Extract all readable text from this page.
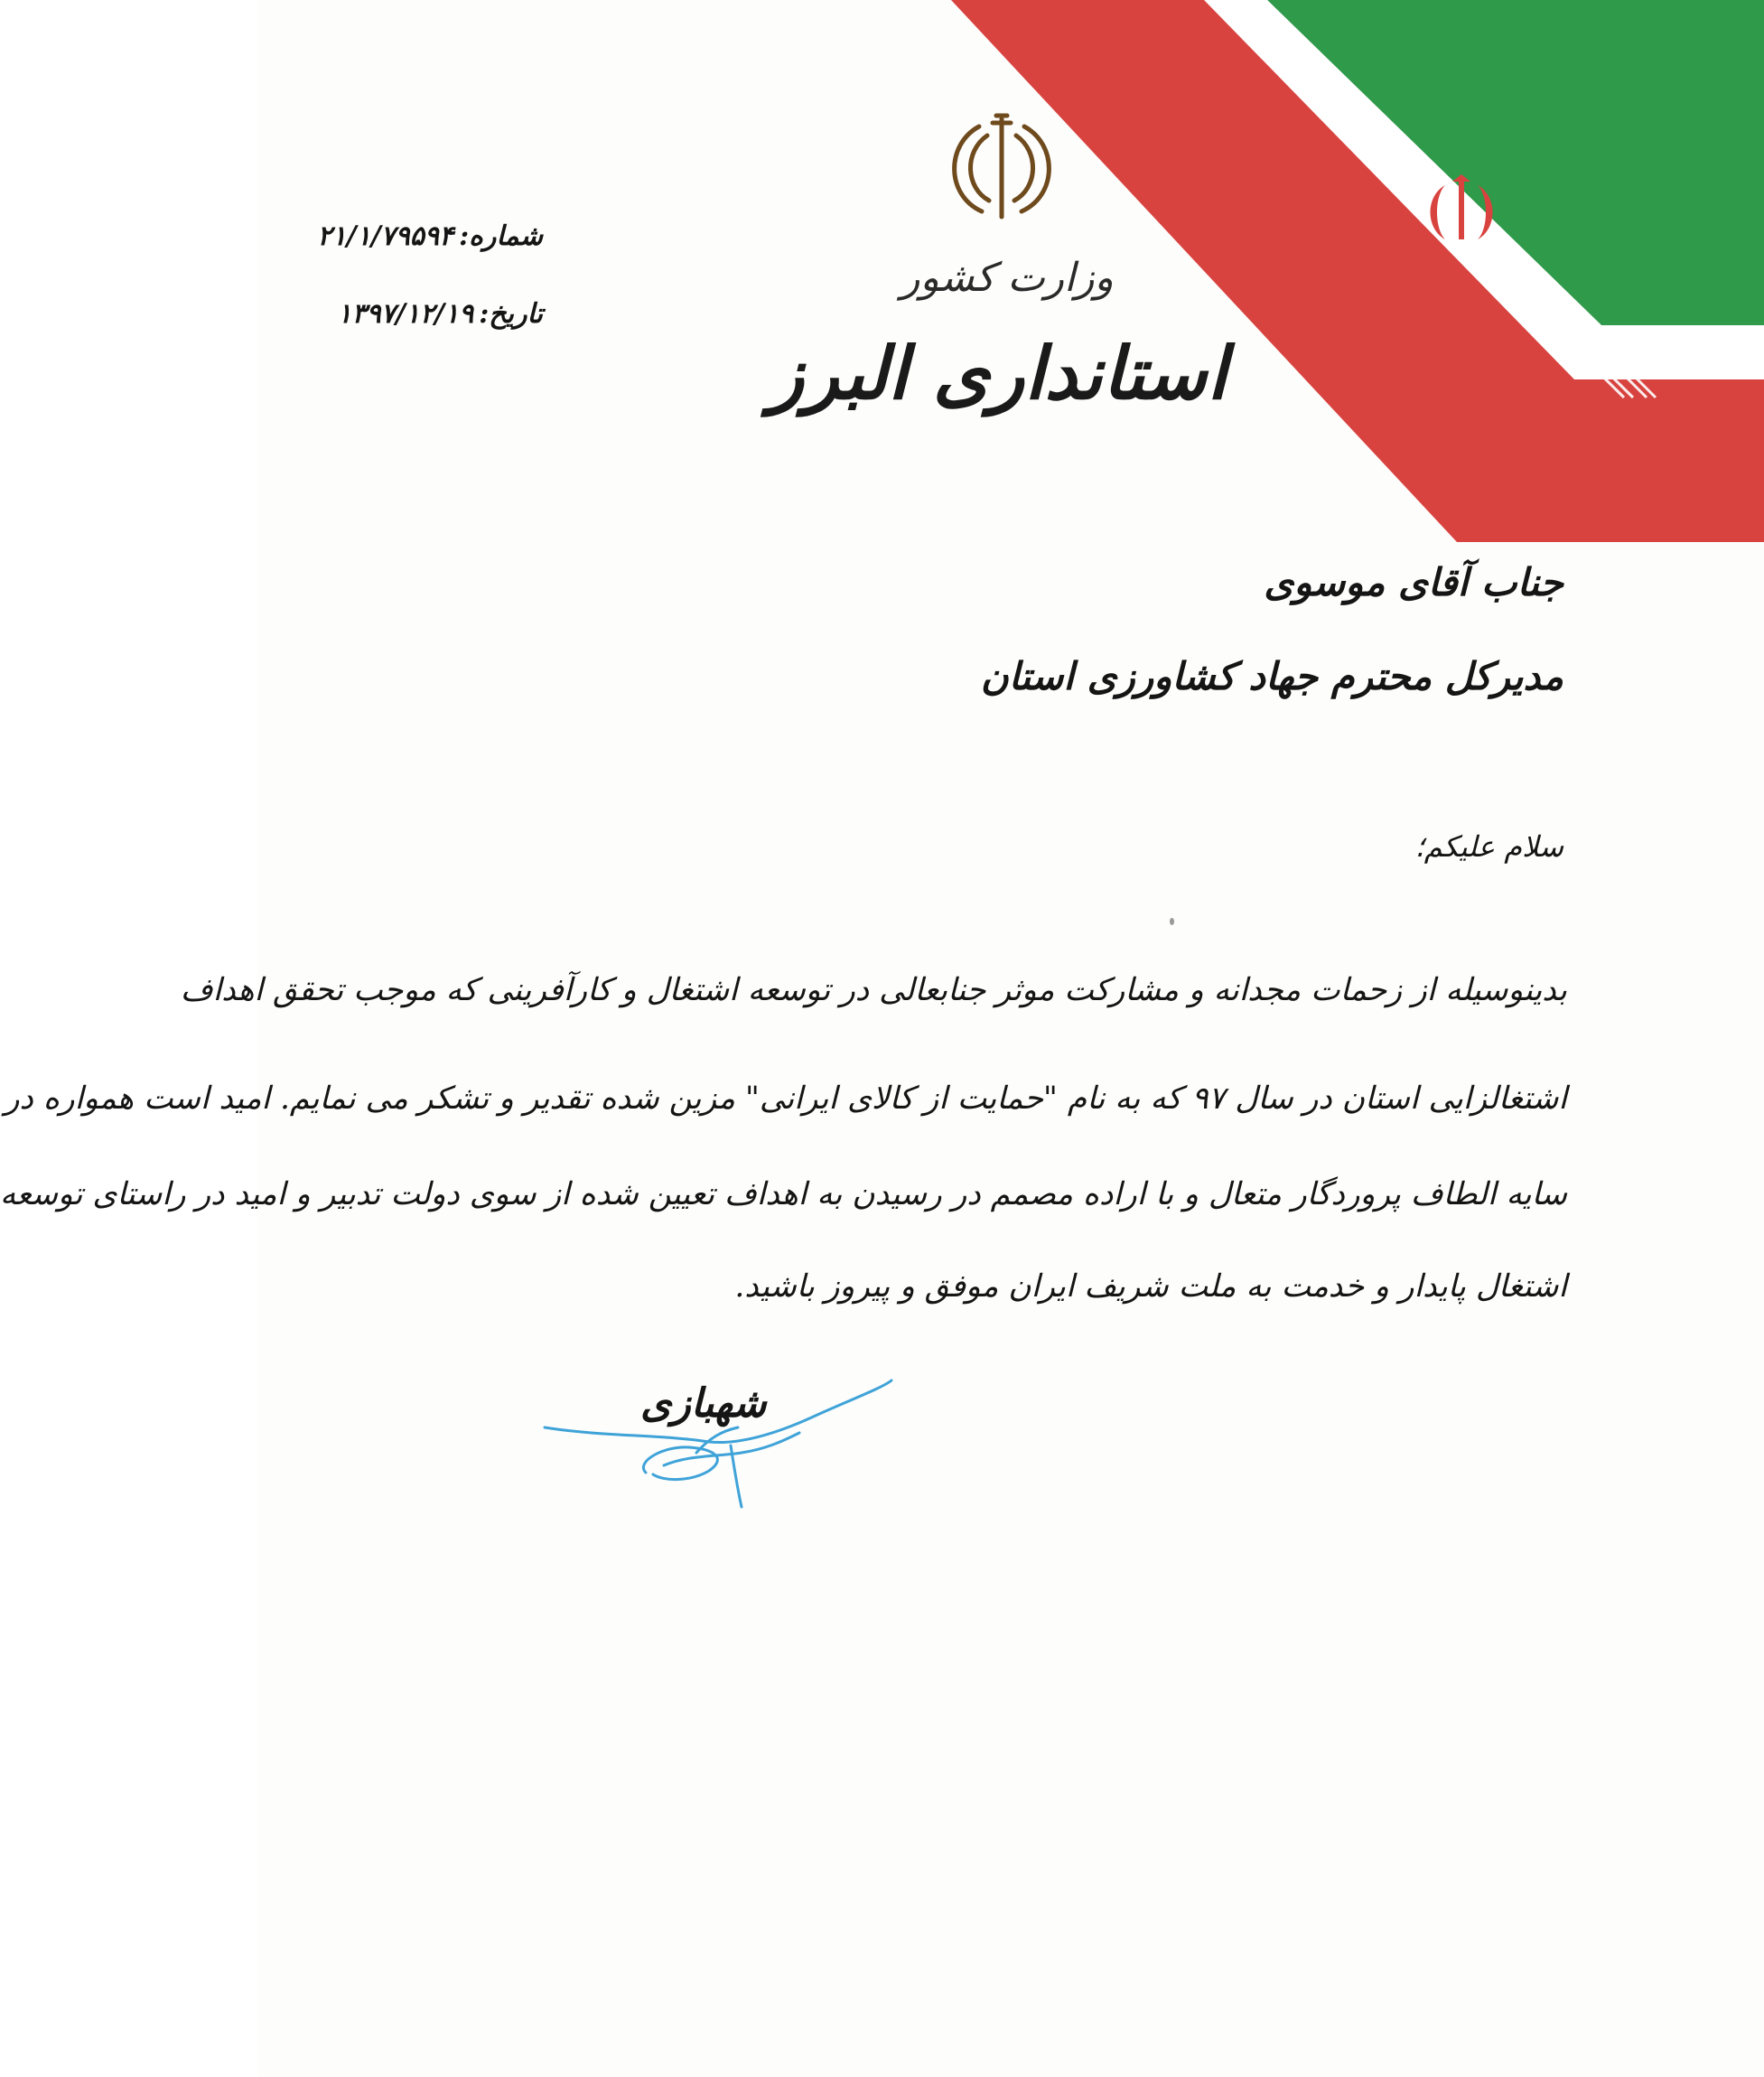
وزارت کشور
استانداری البرز
شماره:
۲۱/۱/۷۹۵۹۴
تاریخ:
۱۳۹۷/۱۲/۱۹
جناب آقای موسوی
مدیرکل محترم جهاد کشاورزی استان
سلام علیکم؛
بدینوسیله از زحمات مجدانه و مشارکت موثر جنابعالی در توسعه اشتغال و کارآفرینی که موجب تحقق اهداف
اشتغالزایی استان در سال ۹۷ که به نام "حمایت از کالای ایرانی" مزین شده تقدیر و تشکر می نمایم. امید است همواره در
سایه الطاف پروردگار متعال و با اراده مصمم در رسیدن به اهداف تعیین شده از سوی دولت تدبیر و امید در راستای توسعه
اشتغال پایدار و خدمت به ملت شریف ایران موفق و پیروز باشید.
شهبازی
